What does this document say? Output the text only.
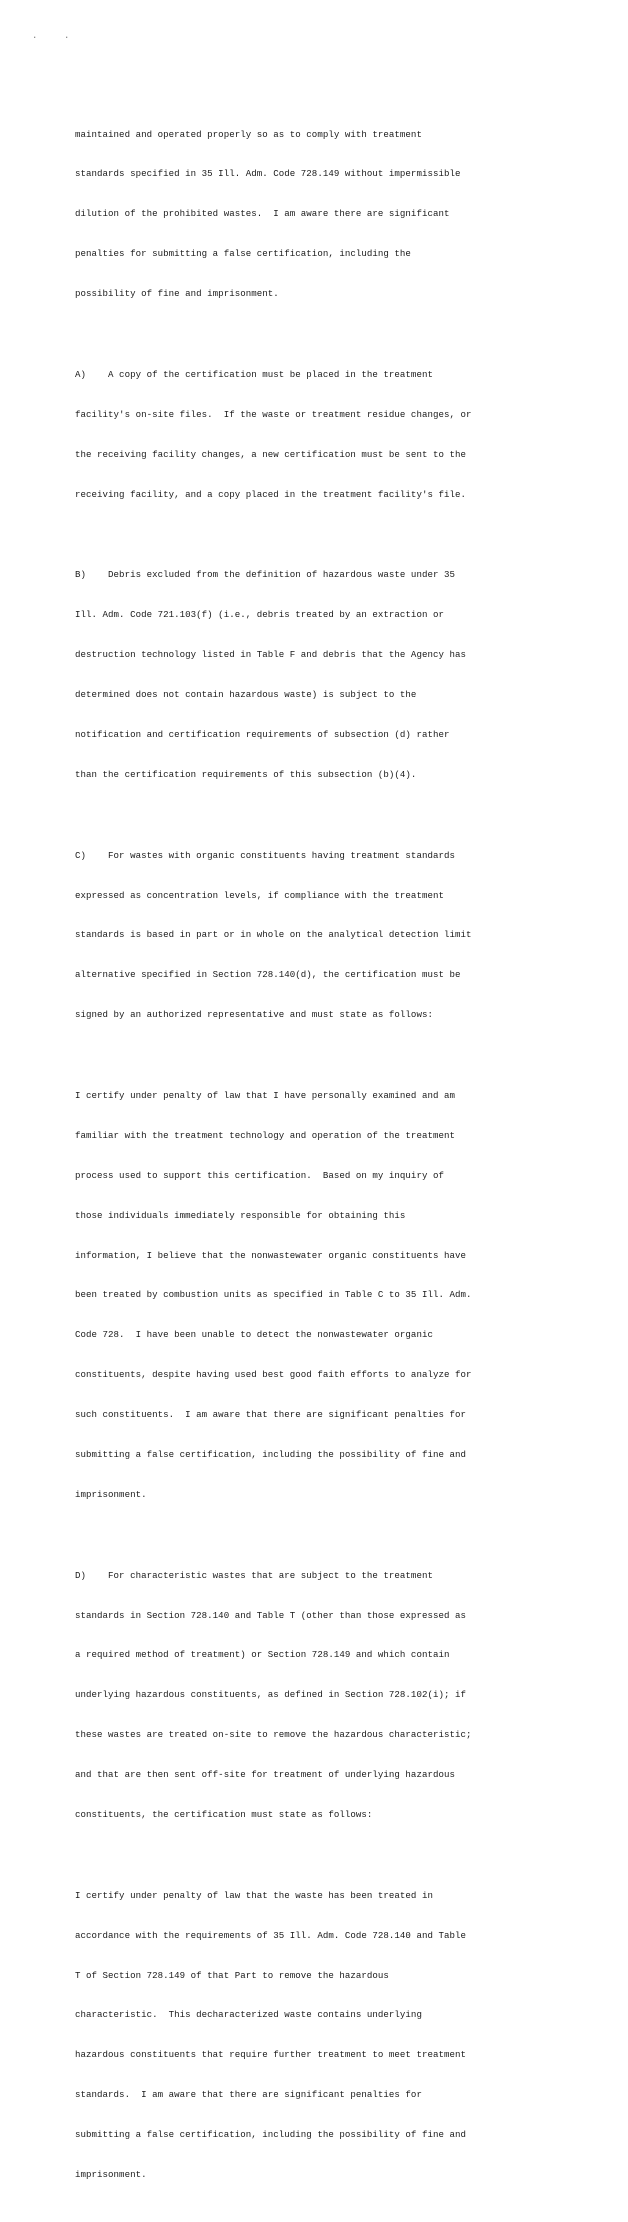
·	·

maintained and operated properly so as to comply with treatment

standards specified in 35 Ill. Adm. Code 728.149 without impermissible

dilution of the prohibited wastes.  I am aware there are significant

penalties for submitting a false certification, including the

possibility of fine and imprisonment.

A)    A copy of the certification must be placed in the treatment

facility's on-site files.  If the waste or treatment residue changes, or

the receiving facility changes, a new certification must be sent to the

receiving facility, and a copy placed in the treatment facility's file.

B)    Debris excluded from the definition of hazardous waste under 35

Ill. Adm. Code 721.103(f) (i.e., debris treated by an extraction or

destruction technology listed in Table F and debris that the Agency has

determined does not contain hazardous waste) is subject to the

notification and certification requirements of subsection (d) rather

than the certification requirements of this subsection (b)(4).

C)    For wastes with organic constituents having treatment standards

expressed as concentration levels, if compliance with the treatment

standards is based in part or in whole on the analytical detection limit

alternative specified in Section 728.140(d), the certification must be

signed by an authorized representative and must state as follows:

I certify under penalty of law that I have personally examined and am

familiar with the treatment technology and operation of the treatment

process used to support this certification.  Based on my inquiry of

those individuals immediately responsible for obtaining this

information, I believe that the nonwastewater organic constituents have

been treated by combustion units as specified in Table C to 35 Ill. Adm.

Code 728.  I have been unable to detect the nonwastewater organic

constituents, despite having used best good faith efforts to analyze for

such constituents.  I am aware that there are significant penalties for

submitting a false certification, including the possibility of fine and

imprisonment.

D)    For characteristic wastes that are subject to the treatment

standards in Section 728.140 and Table T (other than those expressed as

a required method of treatment) or Section 728.149 and which contain

underlying hazardous constituents, as defined in Section 728.102(i); if

these wastes are treated on-site to remove the hazardous characteristic;

and that are then sent off-site for treatment of underlying hazardous

constituents, the certification must state as follows:

I certify under penalty of law that the waste has been treated in

accordance with the requirements of 35 Ill. Adm. Code 728.140 and Table

T of Section 728.149 of that Part to remove the hazardous

characteristic.  This decharacterized waste contains underlying

hazardous constituents that require further treatment to meet treatment

standards.  I am aware that there are significant penalties for

submitting a false certification, including the possibility of fine and

imprisonment.
